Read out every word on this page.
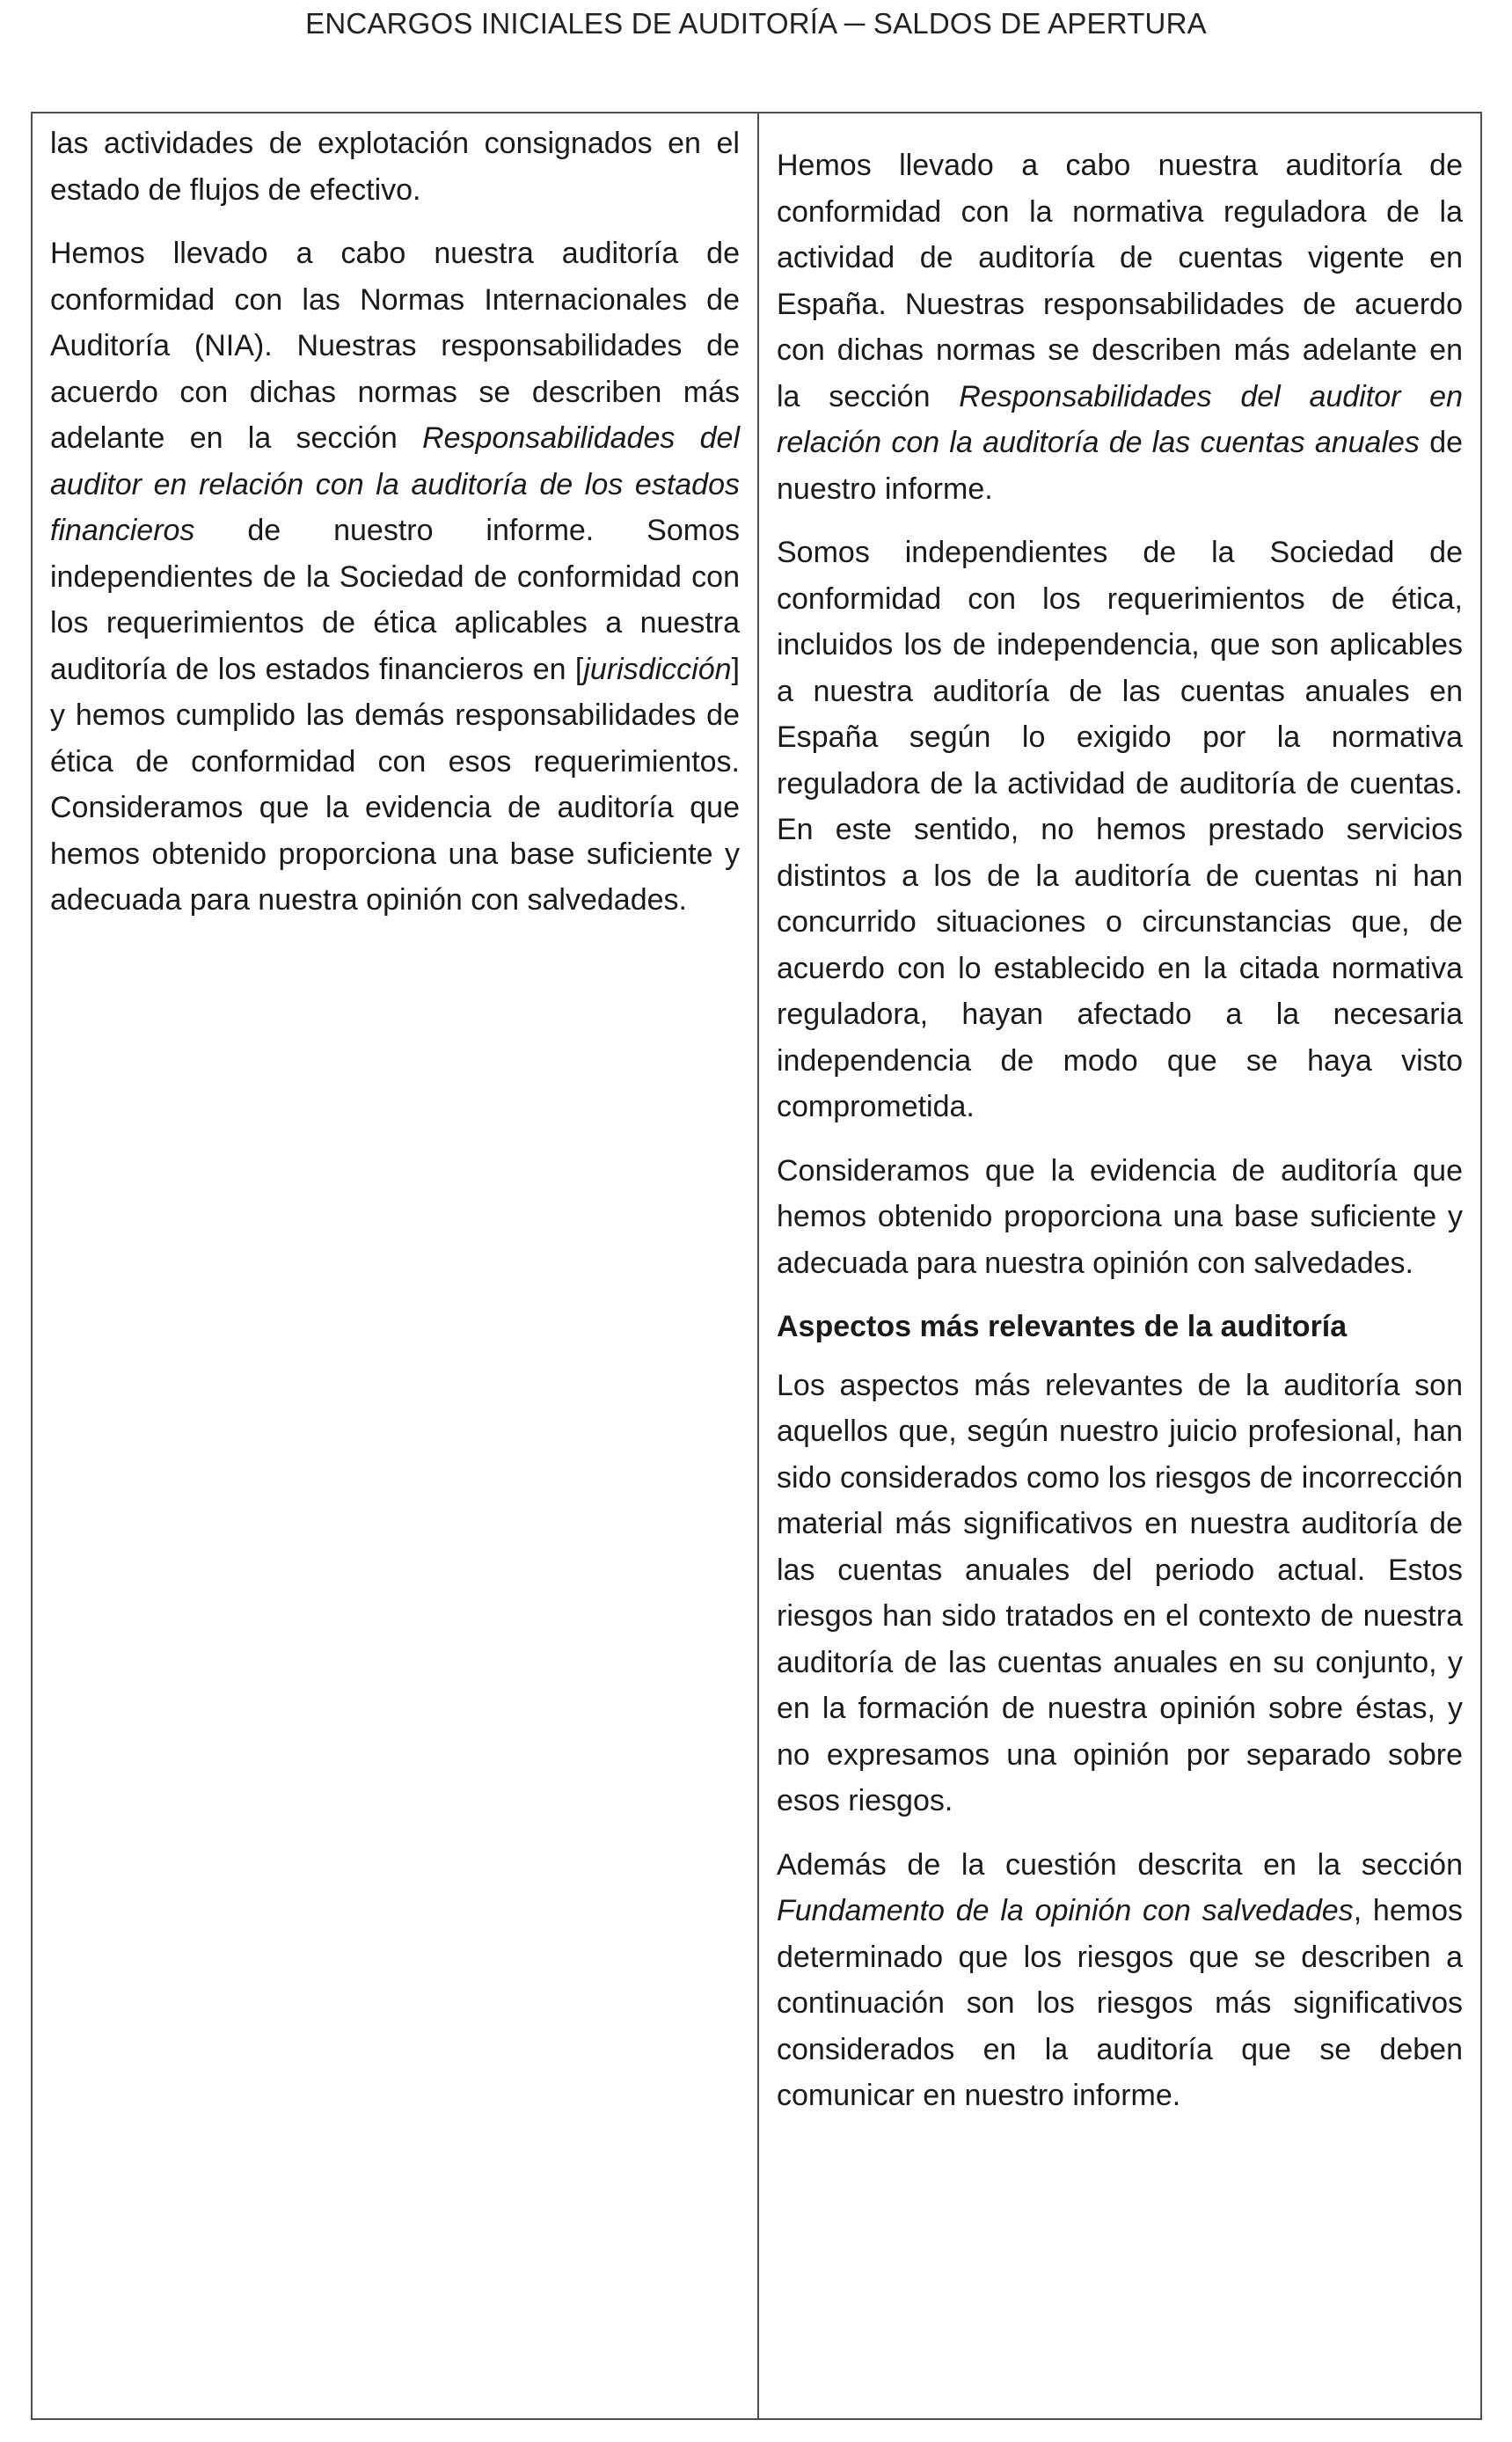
ENCARGOS INICIALES DE AUDITORÍA ─ SALDOS DE APERTURA

las actividades de explotación consignados en el estado de flujos de efectivo.

Hemos llevado a cabo nuestra auditoría de conformidad con las Normas Internacionales de Auditoría (NIA). Nuestras responsabilidades de acuerdo con dichas normas se describen más adelante en la sección Responsabilidades del auditor en relación con la auditoría de los estados financieros de nuestro informe. Somos independientes de la Sociedad de conformidad con los requerimientos de ética aplicables a nuestra auditoría de los estados financieros en [jurisdicción] y hemos cumplido las demás responsabilidades de ética de conformidad con esos requerimientos. Consideramos que la evidencia de auditoría que hemos obtenido proporciona una base suficiente y adecuada para nuestra opinión con salvedades.

Hemos llevado a cabo nuestra auditoría de conformidad con la normativa reguladora de la actividad de auditoría de cuentas vigente en España. Nuestras responsabilidades de acuerdo con dichas normas se describen más adelante en la sección Responsabilidades del auditor en relación con la auditoría de las cuentas anuales de nuestro informe.

Somos independientes de la Sociedad de conformidad con los requerimientos de ética, incluidos los de independencia, que son aplicables a nuestra auditoría de las cuentas anuales en España según lo exigido por la normativa reguladora de la actividad de auditoría de cuentas. En este sentido, no hemos prestado servicios distintos a los de la auditoría de cuentas ni han concurrido situaciones o circunstancias que, de acuerdo con lo establecido en la citada normativa reguladora, hayan afectado a la necesaria independencia de modo que se haya visto comprometida.

Consideramos que la evidencia de auditoría que hemos obtenido proporciona una base suficiente y adecuada para nuestra opinión con salvedades.

Aspectos más relevantes de la auditoría

Los aspectos más relevantes de la auditoría son aquellos que, según nuestro juicio profesional, han sido considerados como los riesgos de incorrección material más significativos en nuestra auditoría de las cuentas anuales del periodo actual. Estos riesgos han sido tratados en el contexto de nuestra auditoría de las cuentas anuales en su conjunto, y en la formación de nuestra opinión sobre éstas, y no expresamos una opinión por separado sobre esos riesgos.

Además de la cuestión descrita en la sección Fundamento de la opinión con salvedades, hemos determinado que los riesgos que se describen a continuación son los riesgos más significativos considerados en la auditoría que se deben comunicar en nuestro informe.
